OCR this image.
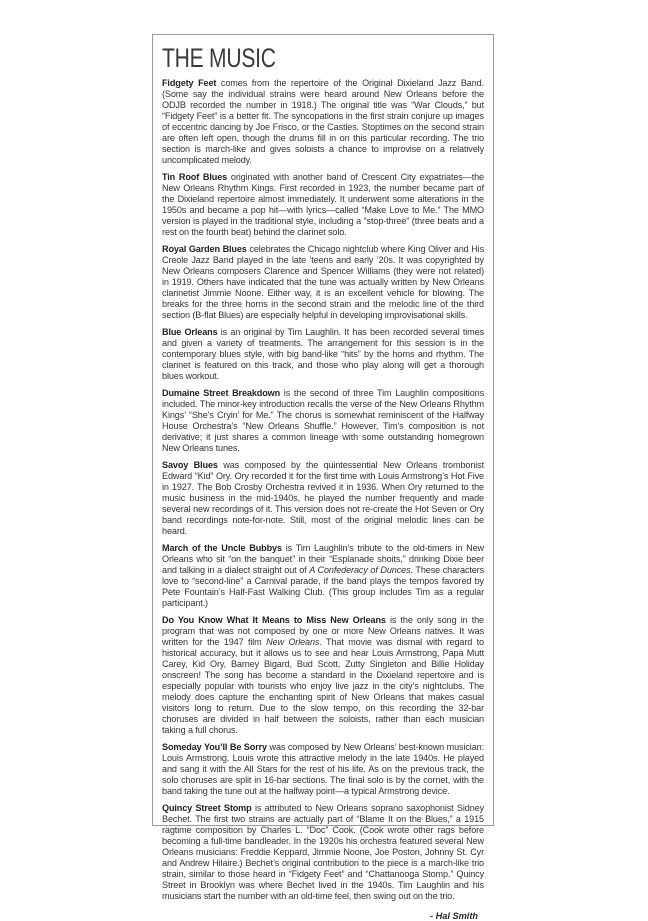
THE MUSIC

Fidgety Feet comes from the repertoire of the Original Dixieland Jazz Band. (Some say the individual strains were heard around New Orleans before the ODJB recorded the number in 1918.) The original title was “War Clouds,” but “Fidgety Feet” is a better fit. The syncopations in the first strain conjure up images of eccentric dancing by Joe Frisco, or the Castles. Stoptimes on the second strain are often left open, though the drums fill in on this particular recording. The trio section is march-like and gives soloists a chance to improvise on a relatively uncomplicated melody.

Tin Roof Blues originated with another band of Crescent City expatriates—the New Orleans Rhythm Kings. First recorded in 1923, the number became part of the Dixieland repertoire almost immediately. It underwent some alterations in the 1950s and became a pop hit—with lyrics—called “Make Love to Me.” The MMO version is played in the traditional style, including a “stop-three” (three beats and a rest on the fourth beat) behind the clarinet solo.

Royal Garden Blues celebrates the Chicago nightclub where King Oliver and His Creole Jazz Band played in the late ’teens and early ’20s. It was copyrighted by New Orleans composers Clarence and Spencer Williams (they were not related) in 1919. Others have indicated that the tune was actually written by New Orleans clarinetist Jimmie Noone. Either way, it is an excellent vehicle for blowing. The breaks for the three horns in the second strain and the melodic line of the third section (B-flat Blues) are especially helpful in developing improvisational skills.

Blue Orleans is an original by Tim Laughlin. It has been recorded several times and given a variety of treatments. The arrangement for this session is in the contemporary blues style, with big band-like “hits” by the horns and rhythm. The clarinet is featured on this track, and those who play along will get a thorough blues workout.

Dumaine Street Breakdown is the second of three Tim Laughlin compositions included. The minor-key introduction recalls the verse of the New Orleans Rhythm Kings’ “She’s Cryin’ for Me.” The chorus is somewhat reminiscent of the Halfway House Orchestra’s “New Orleans Shuffle.” However, Tim’s composition is not derivative; it just shares a common lineage with some outstanding homegrown New Orleans tunes.

Savoy Blues was composed by the quintessential New Orleans trombonist Edward “Kid” Ory. Ory recorded it for the first time with Louis Armstrong’s Hot Five in 1927. The Bob Crosby Orchestra revived it in 1936. When Ory returned to the music business in the mid-1940s, he played the number frequently and made several new recordings of it. This version does not re-create the Hot Seven or Ory band recordings note-for-note. Still, most of the original melodic lines can be heard.

March of the Uncle Bubbys is Tim Laughlin’s tribute to the old-timers in New Orleans who sit “on the banquet” in their “Esplanade shoits,” drinking Dixie beer and talking in a dialect straight out of A Confederacy of Dunces. These characters love to “second-line” a Carnival parade, if the band plays the tempos favored by Pete Fountain’s Half-Fast Walking Club. (This group includes Tim as a regular participant.)

Do You Know What It Means to Miss New Orleans is the only song in the program that was not composed by one or more New Orleans natives. It was written for the 1947 film New Orleans. That movie was dismal with regard to historical accuracy, but it allows us to see and hear Louis Armstrong, Papa Mutt Carey, Kid Ory, Barney Bigard, Bud Scott, Zutty Singleton and Billie Holiday onscreen! The song has become a standard in the Dixieland repertoire and is especially popular with tourists who enjoy live jazz in the city’s nightclubs. The melody does capture the enchanting spirit of New Orleans that makes casual visitors long to return. Due to the slow tempo, on this recording the 32-bar choruses are divided in half between the soloists, rather than each musician taking a full chorus.

Someday You’ll Be Sorry was composed by New Orleans’ best-known musician: Louis Armstrong. Louis wrote this attractive melody in the late 1940s. He played and sang it with the All Stars for the rest of his life. As on the previous track, the solo choruses are split in 16-bar sections. The final solo is by the cornet, with the band taking the tune out at the halfway point—a typical Armstrong device.

Quincy Street Stomp is attributed to New Orleans soprano saxophonist Sidney Bechet. The first two strains are actually part of “Blame It on the Blues,” a 1915 ragtime composition by Charles L. “Doc” Cook. (Cook wrote other rags before becoming a full-time bandleader. In the 1920s his orchestra featured several New Orleans musicians: Freddie Keppard, Jimmie Noone, Joe Poston, Johnny St. Cyr and Andrew Hilaire.) Bechet’s original contribution to the piece is a march-like trio strain, similar to those heard in “Fidgety Feet” and “Chattanooga Stomp.” Quincy Street in Brooklyn was where Bechet lived in the 1940s. Tim Laughlin and his musicians start the number with an old-time feel, then swing out on the trio.

- Hal Smith
